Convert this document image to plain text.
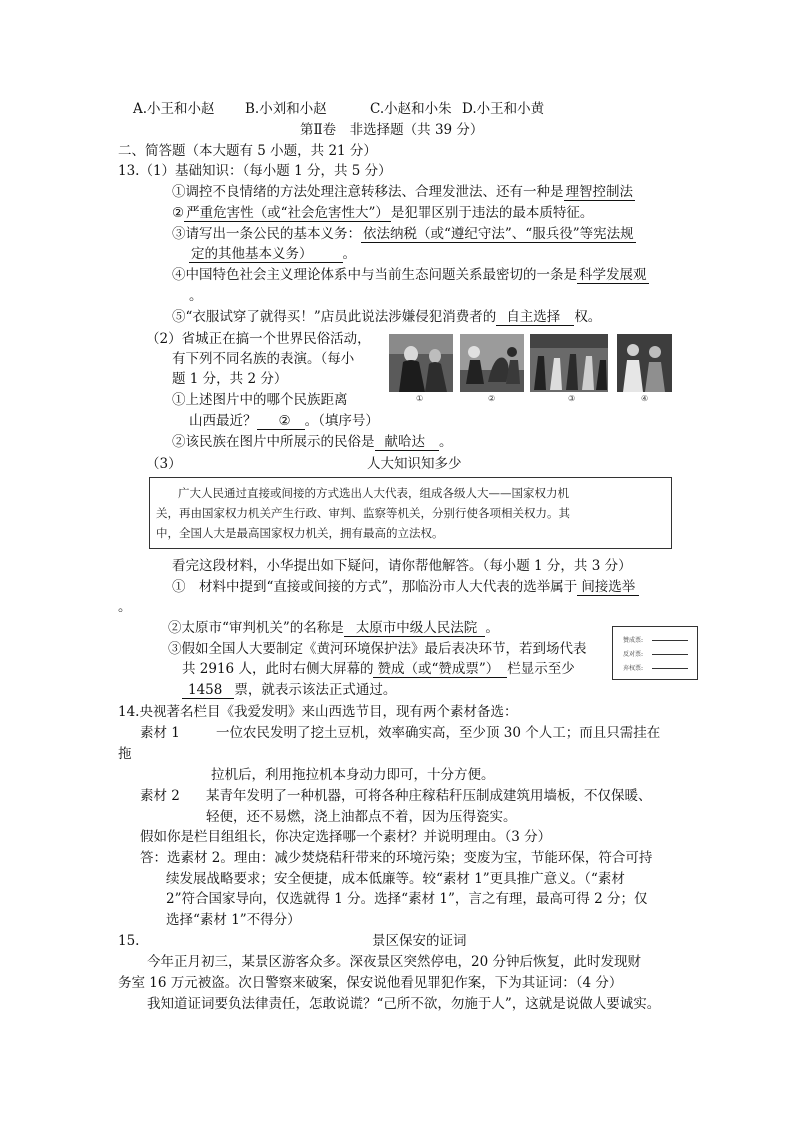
A.小王和小赵 B.小刘和小赵	C.小赵和小朱 D.小王和小黄
第Ⅱ卷　非选择题（共 39 分）
二、简答题（本大题有 5 小题，共 21 分）
13.（1）基础知识：（每小题 1 分，共 5 分）
①调控不良情绪的方法处理注意转移法、合理发泄法、还有一种是 理智控制法
② 严重危害性（或“社会危害性大”） 是犯罪区别于违法的最本质特征。
③请写出一条公民的基本义务： 依法纳税（或“遵纪守法”、“服兵役”等宪法规
定的其他基本义务） 。
④中国特色社会主义理论体系中与当前生态问题关系最密切的一条是 科学发展观
。
⑤“衣服试穿了就得买！”店员此说法涉嫌侵犯消费者的 自主选择 权。
（2）省城正在搞一个世界民俗活动，
有下列不同名族的表演。（每小
题 1 分，共 2 分）
①上述图片中的哪个民族距离
山西最近？ ② 。（填序号）
②该民族在图片中所展示的民俗是 献哈达 。
①	②	③	④
（3）	人大知识知多少
广大人民通过直接或间接的方式选出人大代表，组成各级人大——国家权力机
关，再由国家权力机关产生行政、审判、监察等机关，分别行使各项相关权力。其
中，全国人大是最高国家权力机关，拥有最高的立法权。
看完这段材料，小华提出如下疑问，请你帮他解答。（每小题 1 分，共 3 分）
①　材料中提到“直接或间接的方式”，那临汾市人大代表的选举属于 间接选举
。
②太原市“审判机关”的名称是 太原市中级人民法院 。
③假如全国人大要制定《黄河环境保护法》最后表决环节，若到场代表
共 2916 人，此时右侧大屏幕的 赞成（或“赞成票”） 栏显示至少
1458 票，就表示该法正式通过。
赞成票:
反对票:
弃权票:
14.央视著名栏目《我爱发明》来山西选节目，现有两个素材备选：
素材 1	一位农民发明了挖土豆机，效率确实高，至少顶 30 个人工；而且只需挂在
拖
拉机后，利用拖拉机本身动力即可，十分方便。
素材 2 某青年发明了一种机器，可将各种庄稼秸秆压制成建筑用墙板，不仅保暖、
轻便，还不易燃，浇上油都点不着，因为压得瓷实。
假如你是栏目组组长，你决定选择哪一个素材？并说明理由。（3 分）
答：选素材 2。理由：减少焚烧秸秆带来的环境污染；变废为宝，节能环保，符合可持
续发展战略要求；安全便捷，成本低廉等。较“素材 1”更具推广意义。（“素材
2”符合国家导向，仅选就得 1 分。选择“素材 1”，言之有理，最高可得 2 分；仅
选择“素材 1”不得分）
15.	景区保安的证词
今年正月初三，某景区游客众多。深夜景区突然停电，20 分钟后恢复，此时发现财
务室 16 万元被盗。次日警察来破案，保安说他看见罪犯作案，下为其证词：（4 分）
我知道证词要负法律责任，怎敢说谎？“己所不欲，勿施于人”，这就是说做人要诚实。
